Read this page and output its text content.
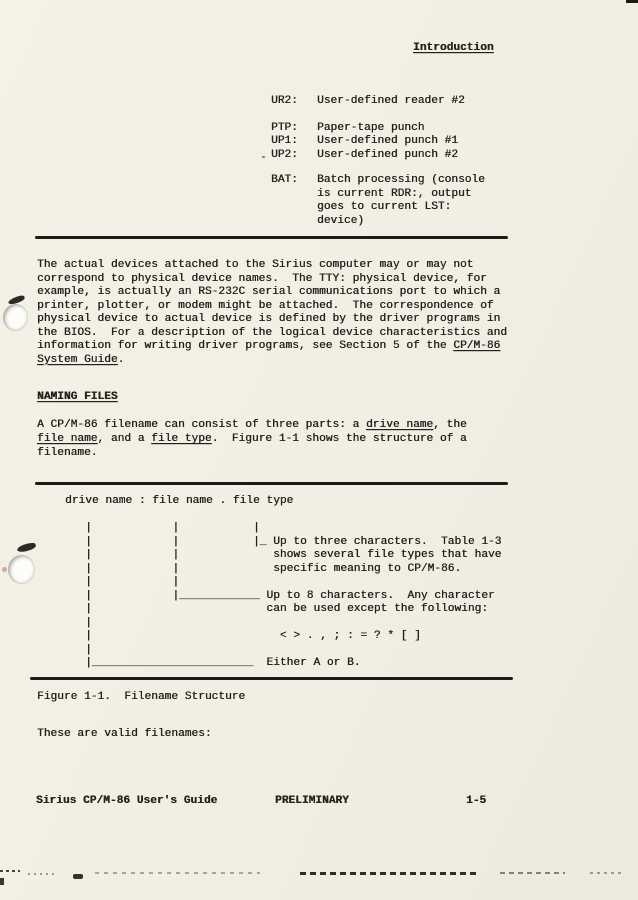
Introduction
UR2:	User-defined reader #2
PTP:	Paper-tape punch
UP1:	User-defined punch #1
UP2:	User-defined punch #2
BAT:	Batch processing (console
is current RDR:, output
goes to current LST:
device)
The actual devices attached to the Sirius computer may or may not
correspond to physical device names.  The TTY: physical device, for
example, is actually an RS-232C serial communications port to which a
printer, plotter, or modem might be attached.  The correspondence of
physical device to actual device is defined by the driver programs in
the BIOS.  For a description of the logical device characteristics and
information for writing driver programs, see Section 5 of the CP/M-86
System Guide.
NAMING FILES
A CP/M-86 filename can consist of three parts: a drive name, the
file name, and a file type.  Figure 1-1 shows the structure of a
filename.
drive name : file name . file type
|            |           |
|            |           |_ Up to three characters.  Table 1-3
|            |              shows several file types that have
|            |              specific meaning to CP/M-86.
|            |
|            |____________ Up to 8 characters.  Any character
|                          can be used except the following:
|
|                            < > . , ; : = ? * [ ]
|
|________________________  Either A or B.
Figure 1-1.  Filename Structure
These are valid filenames:
Sirius CP/M-86 User's Guide	PRELIMINARY	1-5
